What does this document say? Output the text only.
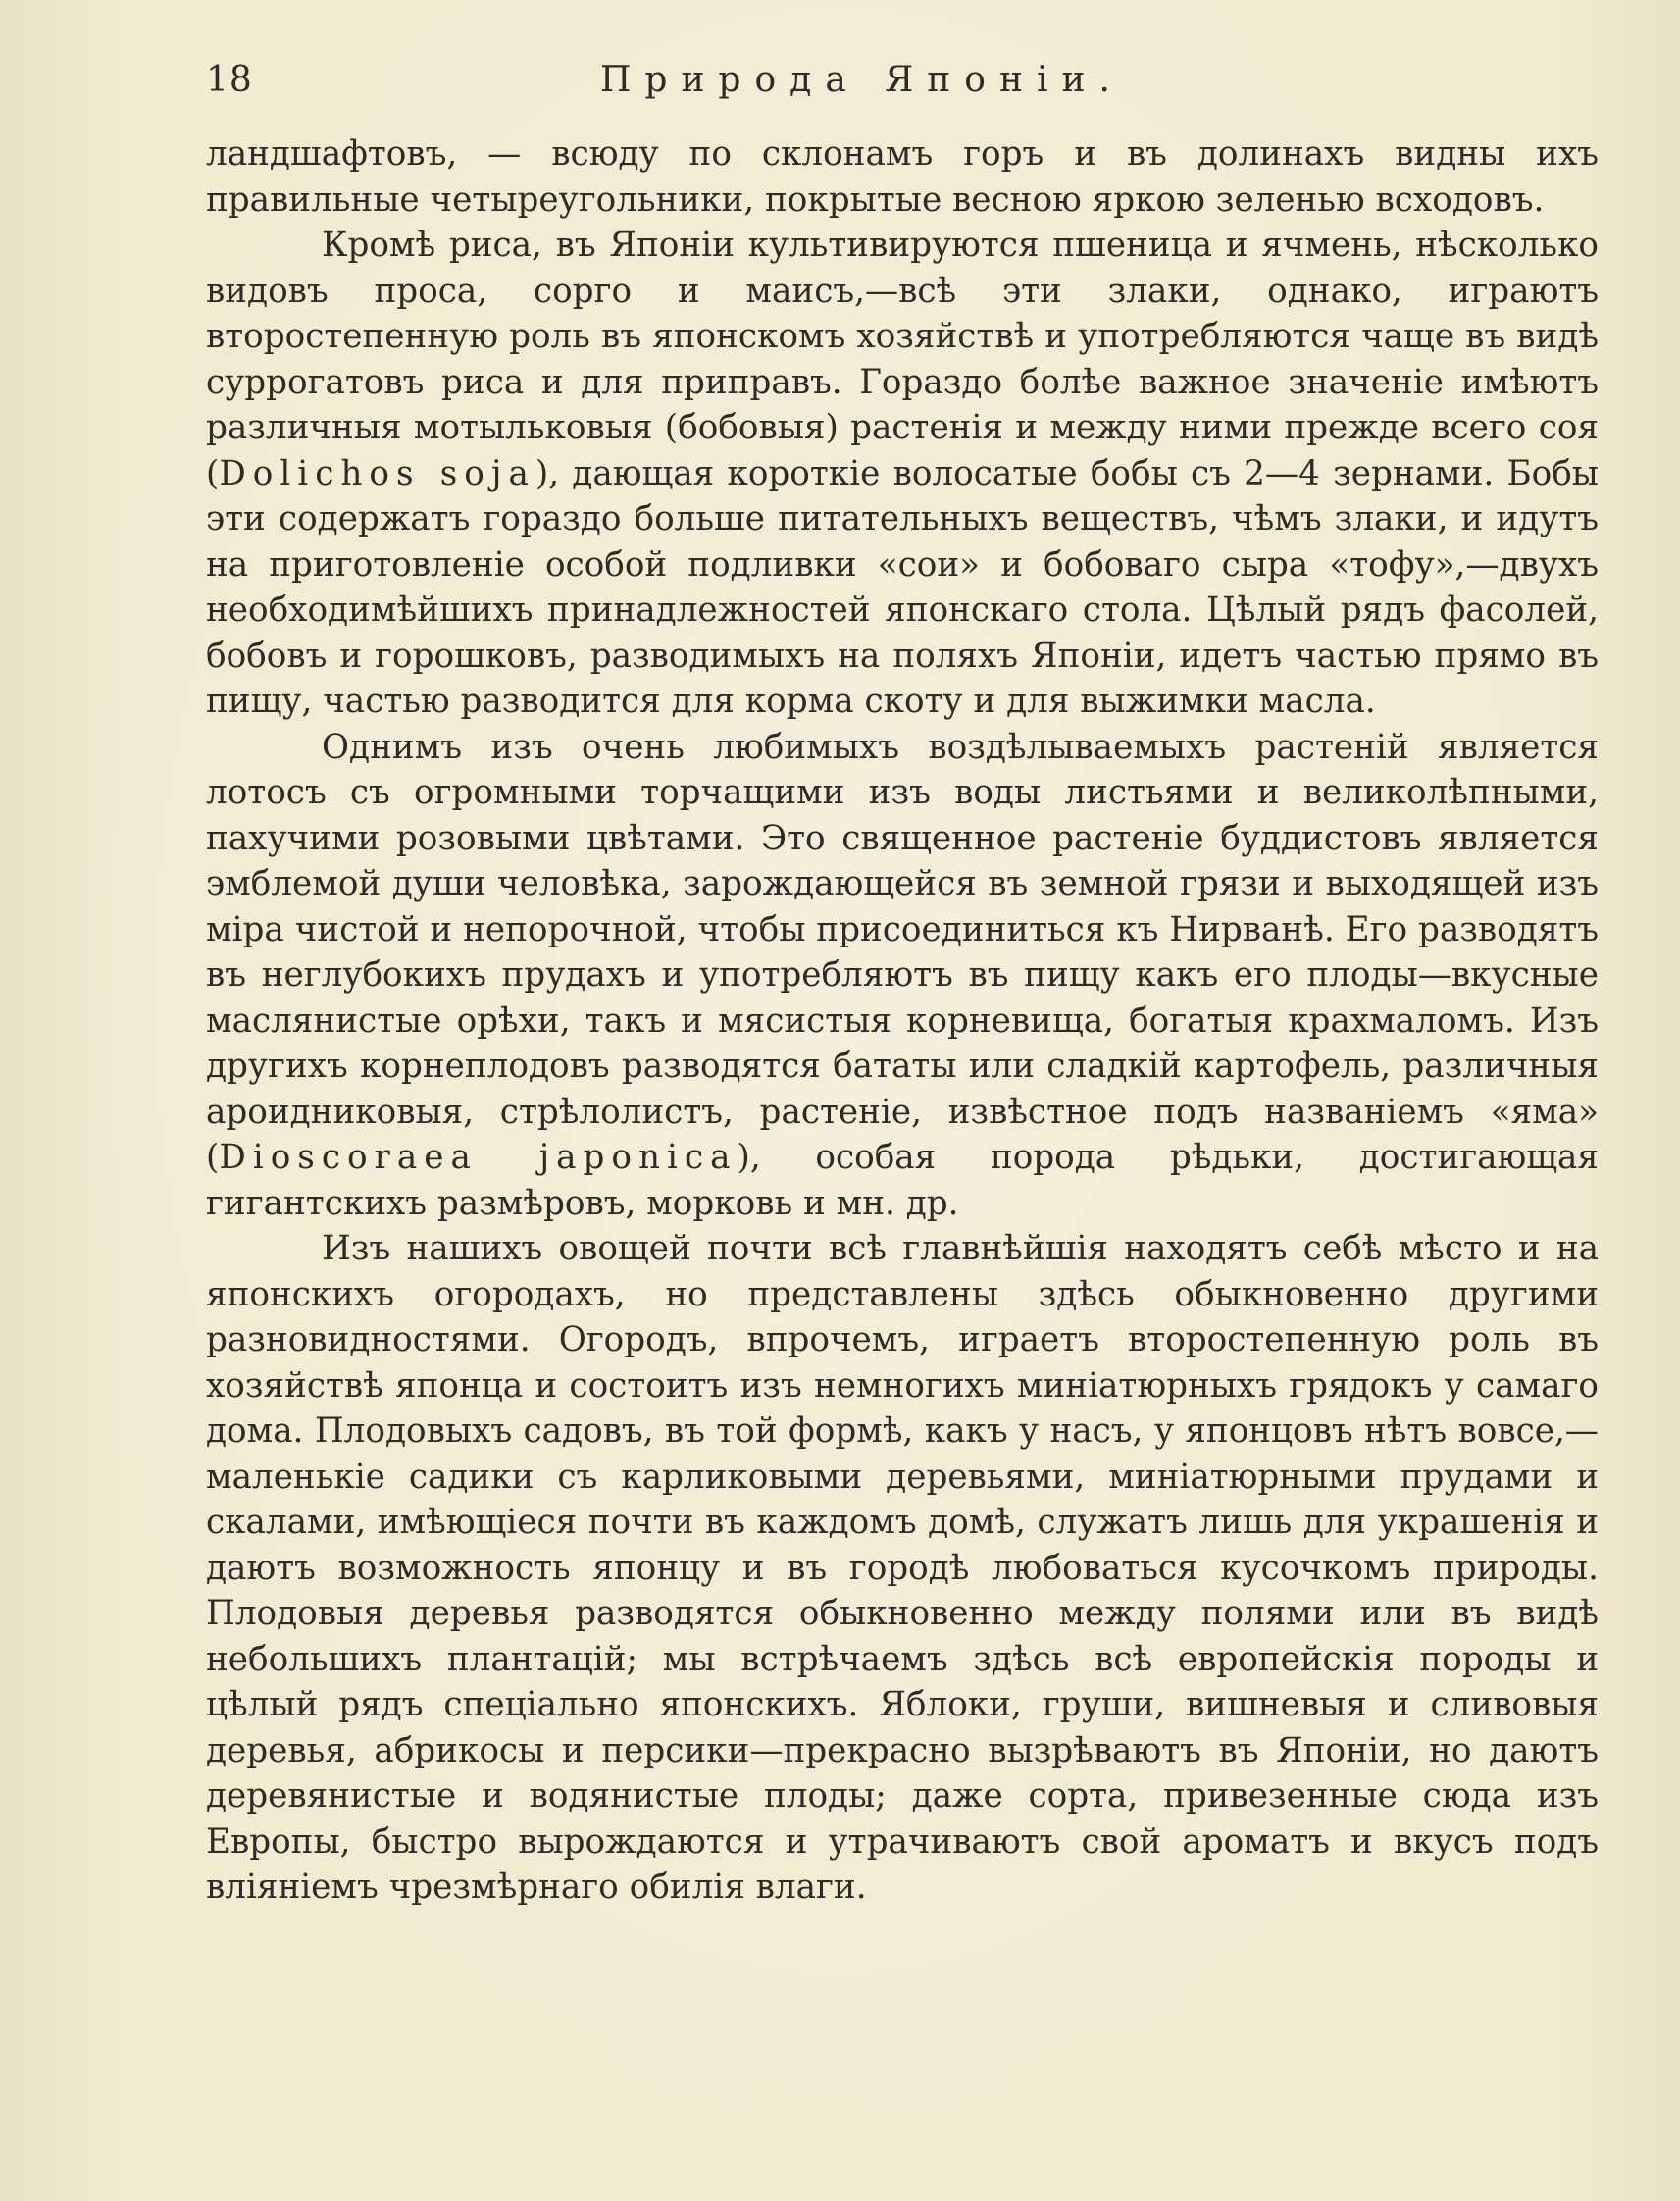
18	Природа Японіи.

ландшафтовъ, — всюду по склонамъ горъ и въ долинахъ видны ихъ правильные четыреугольники, покрытые весною яркою зеленью всходовъ.

Кромѣ риса, въ Японіи культивируются пшеница и ячмень, нѣсколько видовъ проса, сорго и маисъ,—всѣ эти злаки, однако, играютъ второстепенную роль въ японскомъ хозяйствѣ и употребляются чаще въ видѣ суррогатовъ риса и для приправъ. Гораздо болѣе важное значеніе имѣютъ различныя мотыльковыя (бобовыя) растенія и между ними прежде всего соя (Dolichos soja), дающая короткіе волосатые бобы съ 2—4 зернами. Бобы эти содержатъ гораздо больше питательныхъ веществъ, чѣмъ злаки, и идутъ на приготовленіе особой подливки «сои» и бобоваго сыра «тофу»,—двухъ необходимѣйшихъ принадлежностей японскаго стола. Цѣлый рядъ фасолей, бобовъ и горошковъ, разводимыхъ на поляхъ Японіи, идетъ частью прямо въ пищу, частью разводится для корма скоту и для выжимки масла.

Однимъ изъ очень любимыхъ воздѣлываемыхъ растеній является лотосъ съ огромными торчащими изъ воды листьями и великолѣпными, пахучими розовыми цвѣтами. Это священное растеніе буддистовъ является эмблемой души человѣка, зарождающейся въ земной грязи и выходящей изъ міра чистой и непорочной, чтобы присоединиться къ Нирванѣ. Его разводятъ въ неглубокихъ прудахъ и употребляютъ въ пищу какъ его плоды—вкусные маслянистые орѣхи, такъ и мясистыя корневища, богатыя крахмаломъ. Изъ другихъ корнеплодовъ разводятся бататы или сладкій картофель, различныя ароидниковыя, стрѣлолистъ, растеніе, извѣстное подъ названіемъ «яма» (Dioscoraea japonica), особая порода рѣдьки, достигающая гигантскихъ размѣровъ, морковь и мн. др.

Изъ нашихъ овощей почти всѣ главнѣйшія находятъ себѣ мѣсто и на японскихъ огородахъ, но представлены здѣсь обыкновенно другими разновидностями. Огородъ, впрочемъ, играетъ второстепенную роль въ хозяйствѣ японца и состоитъ изъ немногихъ миніатюрныхъ грядокъ у самаго дома. Плодовыхъ садовъ, въ той формѣ, какъ у насъ, у японцовъ нѣтъ вовсе,—маленькіе садики съ карликовыми деревьями, миніатюрными прудами и скалами, имѣющіеся почти въ каждомъ домѣ, служатъ лишь для украшенія и даютъ возможность японцу и въ городѣ любоваться кусочкомъ природы. Плодовыя деревья разводятся обыкновенно между полями или въ видѣ небольшихъ плантацій; мы встрѣчаемъ здѣсь всѣ европейскія породы и цѣлый рядъ спеціально японскихъ. Яблоки, груши, вишневыя и сливовыя деревья, абрикосы и персики—прекрасно вызрѣваютъ въ Японіи, но даютъ деревянистые и водянистые плоды; даже сорта, привезенные сюда изъ Европы, быстро вырождаются и утрачиваютъ свой ароматъ и вкусъ подъ вліяніемъ чрезмѣрнаго обилія влаги.
